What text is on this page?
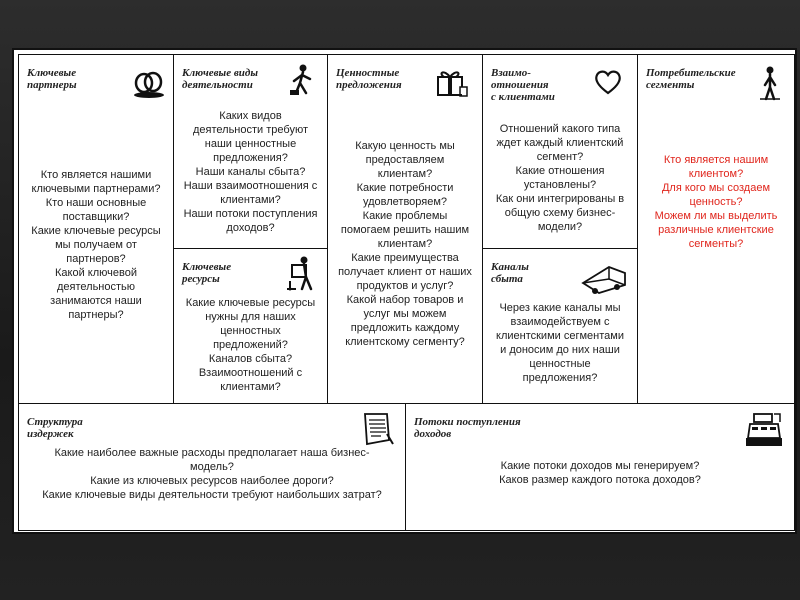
Ключевые
партнеры
Кто является нашими
ключевыми партнерами?
Кто наши основные
поставщики?
Какие ключевые ресурсы
мы получаем от
партнеров?
Какой ключевой
деятельностью
занимаются наши
партнеры?
Ключевые виды
деятельности
Каких видов
деятельности требуют
наши ценностные
предложения?
Наши каналы сбыта?
Наши взаимоотношения с
клиентами?
Наши потоки поступления
доходов?
Ключевые
ресурсы
Какие ключевые ресурсы
нужны для наших
ценностных
предложений?
Каналов сбыта?
Взаимоотношений с
клиентами?
Ценностные
предложения
Какую ценность мы
предоставляем
клиентам?
Какие потребности
удовлетворяем?
Какие проблемы
помогаем решить нашим
клиентам?
Какие преимущества
получает клиент от наших
продуктов и услуг?
Какой набор товаров и
услуг мы можем
предложить каждому
клиентскому сегменту?
Взаимо-
отношения
с клиентами
Отношений какого типа
ждет каждый клиентский
сегмент?
Какие отношения
установлены?
Как они интегрированы в
общую схему бизнес-
модели?
Каналы
сбыта
Через какие каналы мы
взаимодействуем с
клиентскими сегментами
и доносим до них наши
ценностные
предложения?
Потребительские
сегменты
Кто является нашим
клиентом?
Для кого мы создаем
ценность?
Можем ли мы выделить
различные клиентские
сегменты?
Структура
издержек
Какие наиболее важные расходы предполагает наша бизнес-
модель?
Какие из ключевых ресурсов наиболее дороги?
Какие ключевые виды деятельности требуют наибольших затрат?
Потоки поступления
доходов
Какие потоки доходов мы генерируем?
Каков размер каждого потока доходов?
